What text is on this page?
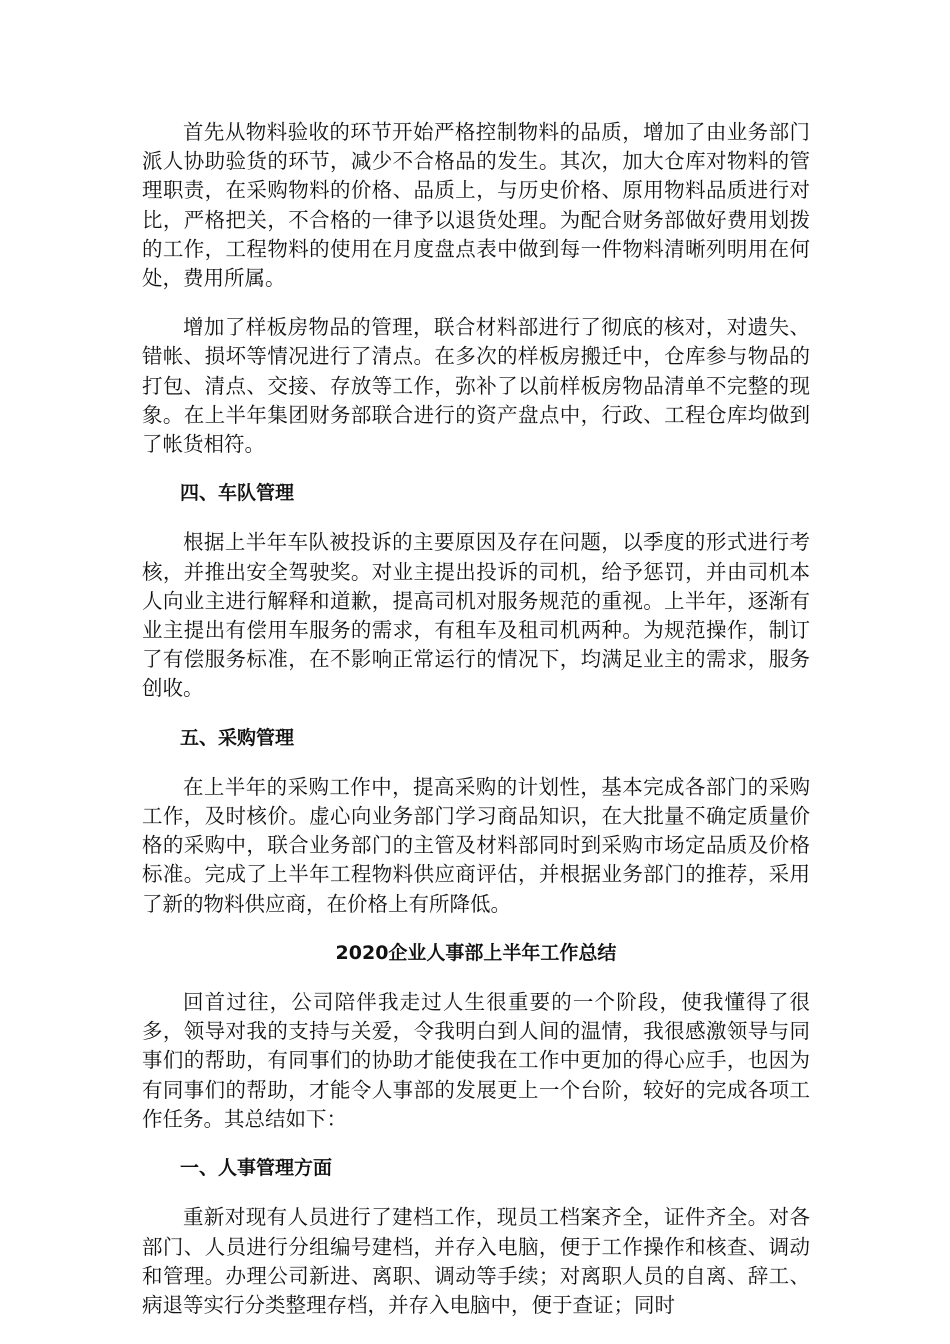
首先从物料验收的环节开始严格控制物料的品质，增加了由业务部门派人协助验货的环节，减少不合格品的发生。其次，加大仓库对物料的管理职责，在采购物料的价格、品质上，与历史价格、原用物料品质进行对比，严格把关，不合格的一律予以退货处理。为配合财务部做好费用划拨的工作，工程物料的使用在月度盘点表中做到每一件物料清晰列明用在何处，费用所属。

增加了样板房物品的管理，联合材料部进行了彻底的核对，对遗失、错帐、损坏等情况进行了清点。在多次的样板房搬迁中，仓库参与物品的打包、清点、交接、存放等工作，弥补了以前样板房物品清单不完整的现象。在上半年集团财务部联合进行的资产盘点中，行政、工程仓库均做到了帐货相符。

四、车队管理

根据上半年车队被投诉的主要原因及存在问题，以季度的形式进行考核，并推出安全驾驶奖。对业主提出投诉的司机，给予惩罚，并由司机本人向业主进行解释和道歉，提高司机对服务规范的重视。上半年，逐渐有业主提出有偿用车服务的需求，有租车及租司机两种。为规范操作，制订了有偿服务标准，在不影响正常运行的情况下，均满足业主的需求，服务创收。

五、采购管理

在上半年的采购工作中，提高采购的计划性，基本完成各部门的采购工作，及时核价。虚心向业务部门学习商品知识，在大批量不确定质量价格的采购中，联合业务部门的主管及材料部同时到采购市场定品质及价格标准。完成了上半年工程物料供应商评估，并根据业务部门的推荐，采用了新的物料供应商，在价格上有所降低。

2020企业人事部上半年工作总结

回首过往，公司陪伴我走过人生很重要的一个阶段，使我懂得了很多，领导对我的支持与关爱，令我明白到人间的温情，我很感激领导与同事们的帮助，有同事们的协助才能使我在工作中更加的得心应手，也因为有同事们的帮助，才能令人事部的发展更上一个台阶，较好的完成各项工作任务。其总结如下：

一、人事管理方面

重新对现有人员进行了建档工作，现员工档案齐全，证件齐全。对各部门、人员进行分组编号建档，并存入电脑，便于工作操作和核查、调动和管理。办理公司新进、离职、调动等手续；对离职人员的自离、辞工、病退等实行分类整理存档，并存入电脑中，便于查证；同时
